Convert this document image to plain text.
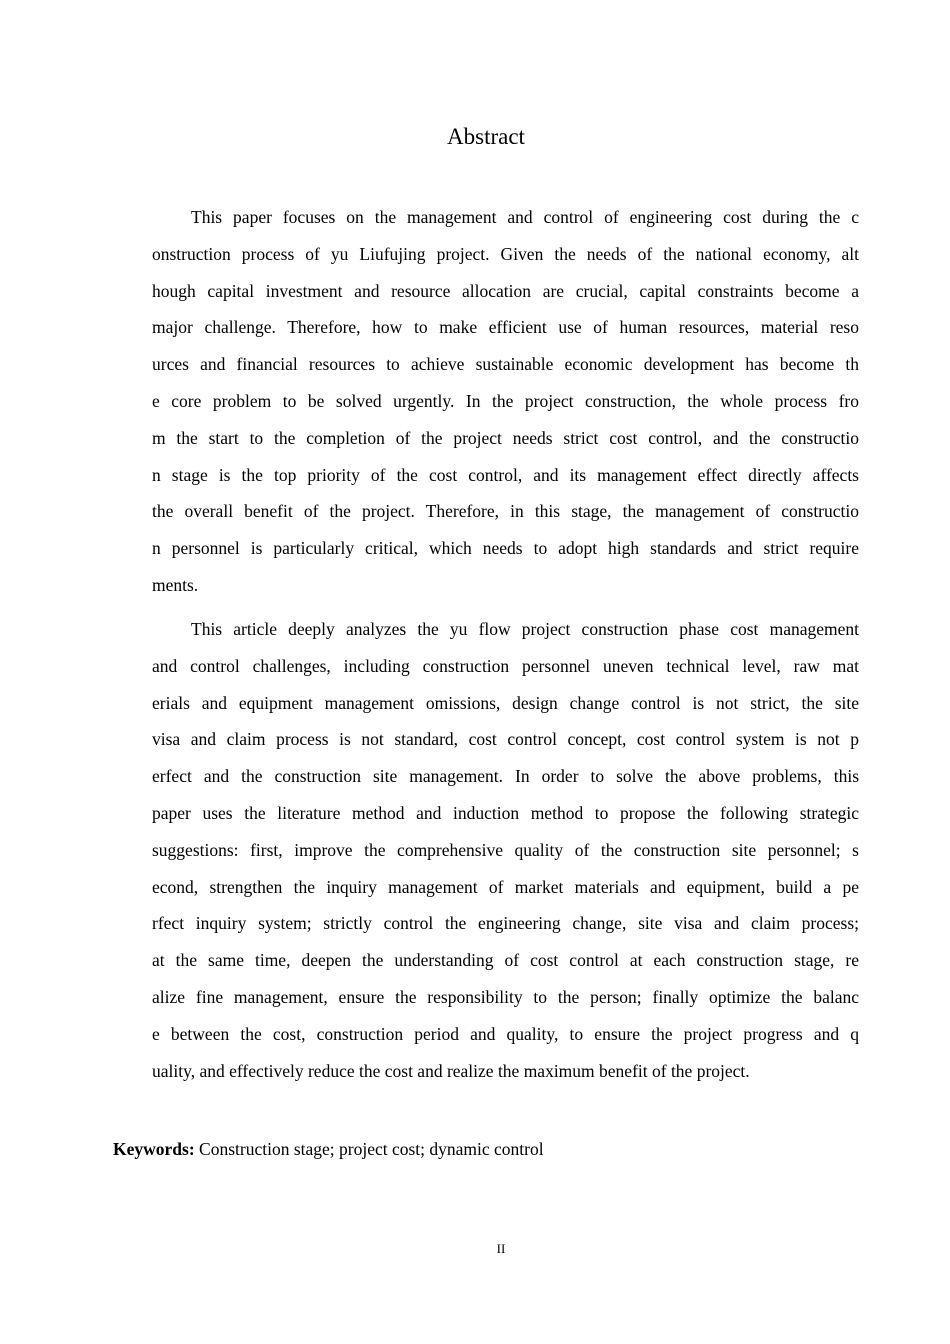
Abstract
This paper focuses on the management and control of engineering cost during the c
onstruction process of yu Liufujing project. Given the needs of the national economy, alt
hough capital investment and resource allocation are crucial, capital constraints become a
major challenge. Therefore, how to make efficient use of human resources, material reso
urces and financial resources to achieve sustainable economic development has become th
e core problem to be solved urgently. In the project construction, the whole process fro
m the start to the completion of the project needs strict cost control, and the constructio
n stage is the top priority of the cost control, and its management effect directly affects
the overall benefit of the project. Therefore, in this stage, the management of constructio
n personnel is particularly critical, which needs to adopt high standards and strict require
ments.
This article deeply analyzes the yu flow project construction phase cost management
and control challenges, including construction personnel uneven technical level, raw mat
erials and equipment management omissions, design change control is not strict, the site
visa and claim process is not standard, cost control concept, cost control system is not p
erfect and the construction site management. In order to solve the above problems, this
paper uses the literature method and induction method to propose the following strategic
suggestions: first, improve the comprehensive quality of the construction site personnel; s
econd, strengthen the inquiry management of market materials and equipment, build a pe
rfect inquiry system; strictly control the engineering change, site visa and claim process;
at the same time, deepen the understanding of cost control at each construction stage, re
alize fine management, ensure the responsibility to the person; finally optimize the balanc
e between the cost, construction period and quality, to ensure the project progress and q
uality, and effectively reduce the cost and realize the maximum benefit of the project.
Keywords: Construction stage; project cost; dynamic control
II
